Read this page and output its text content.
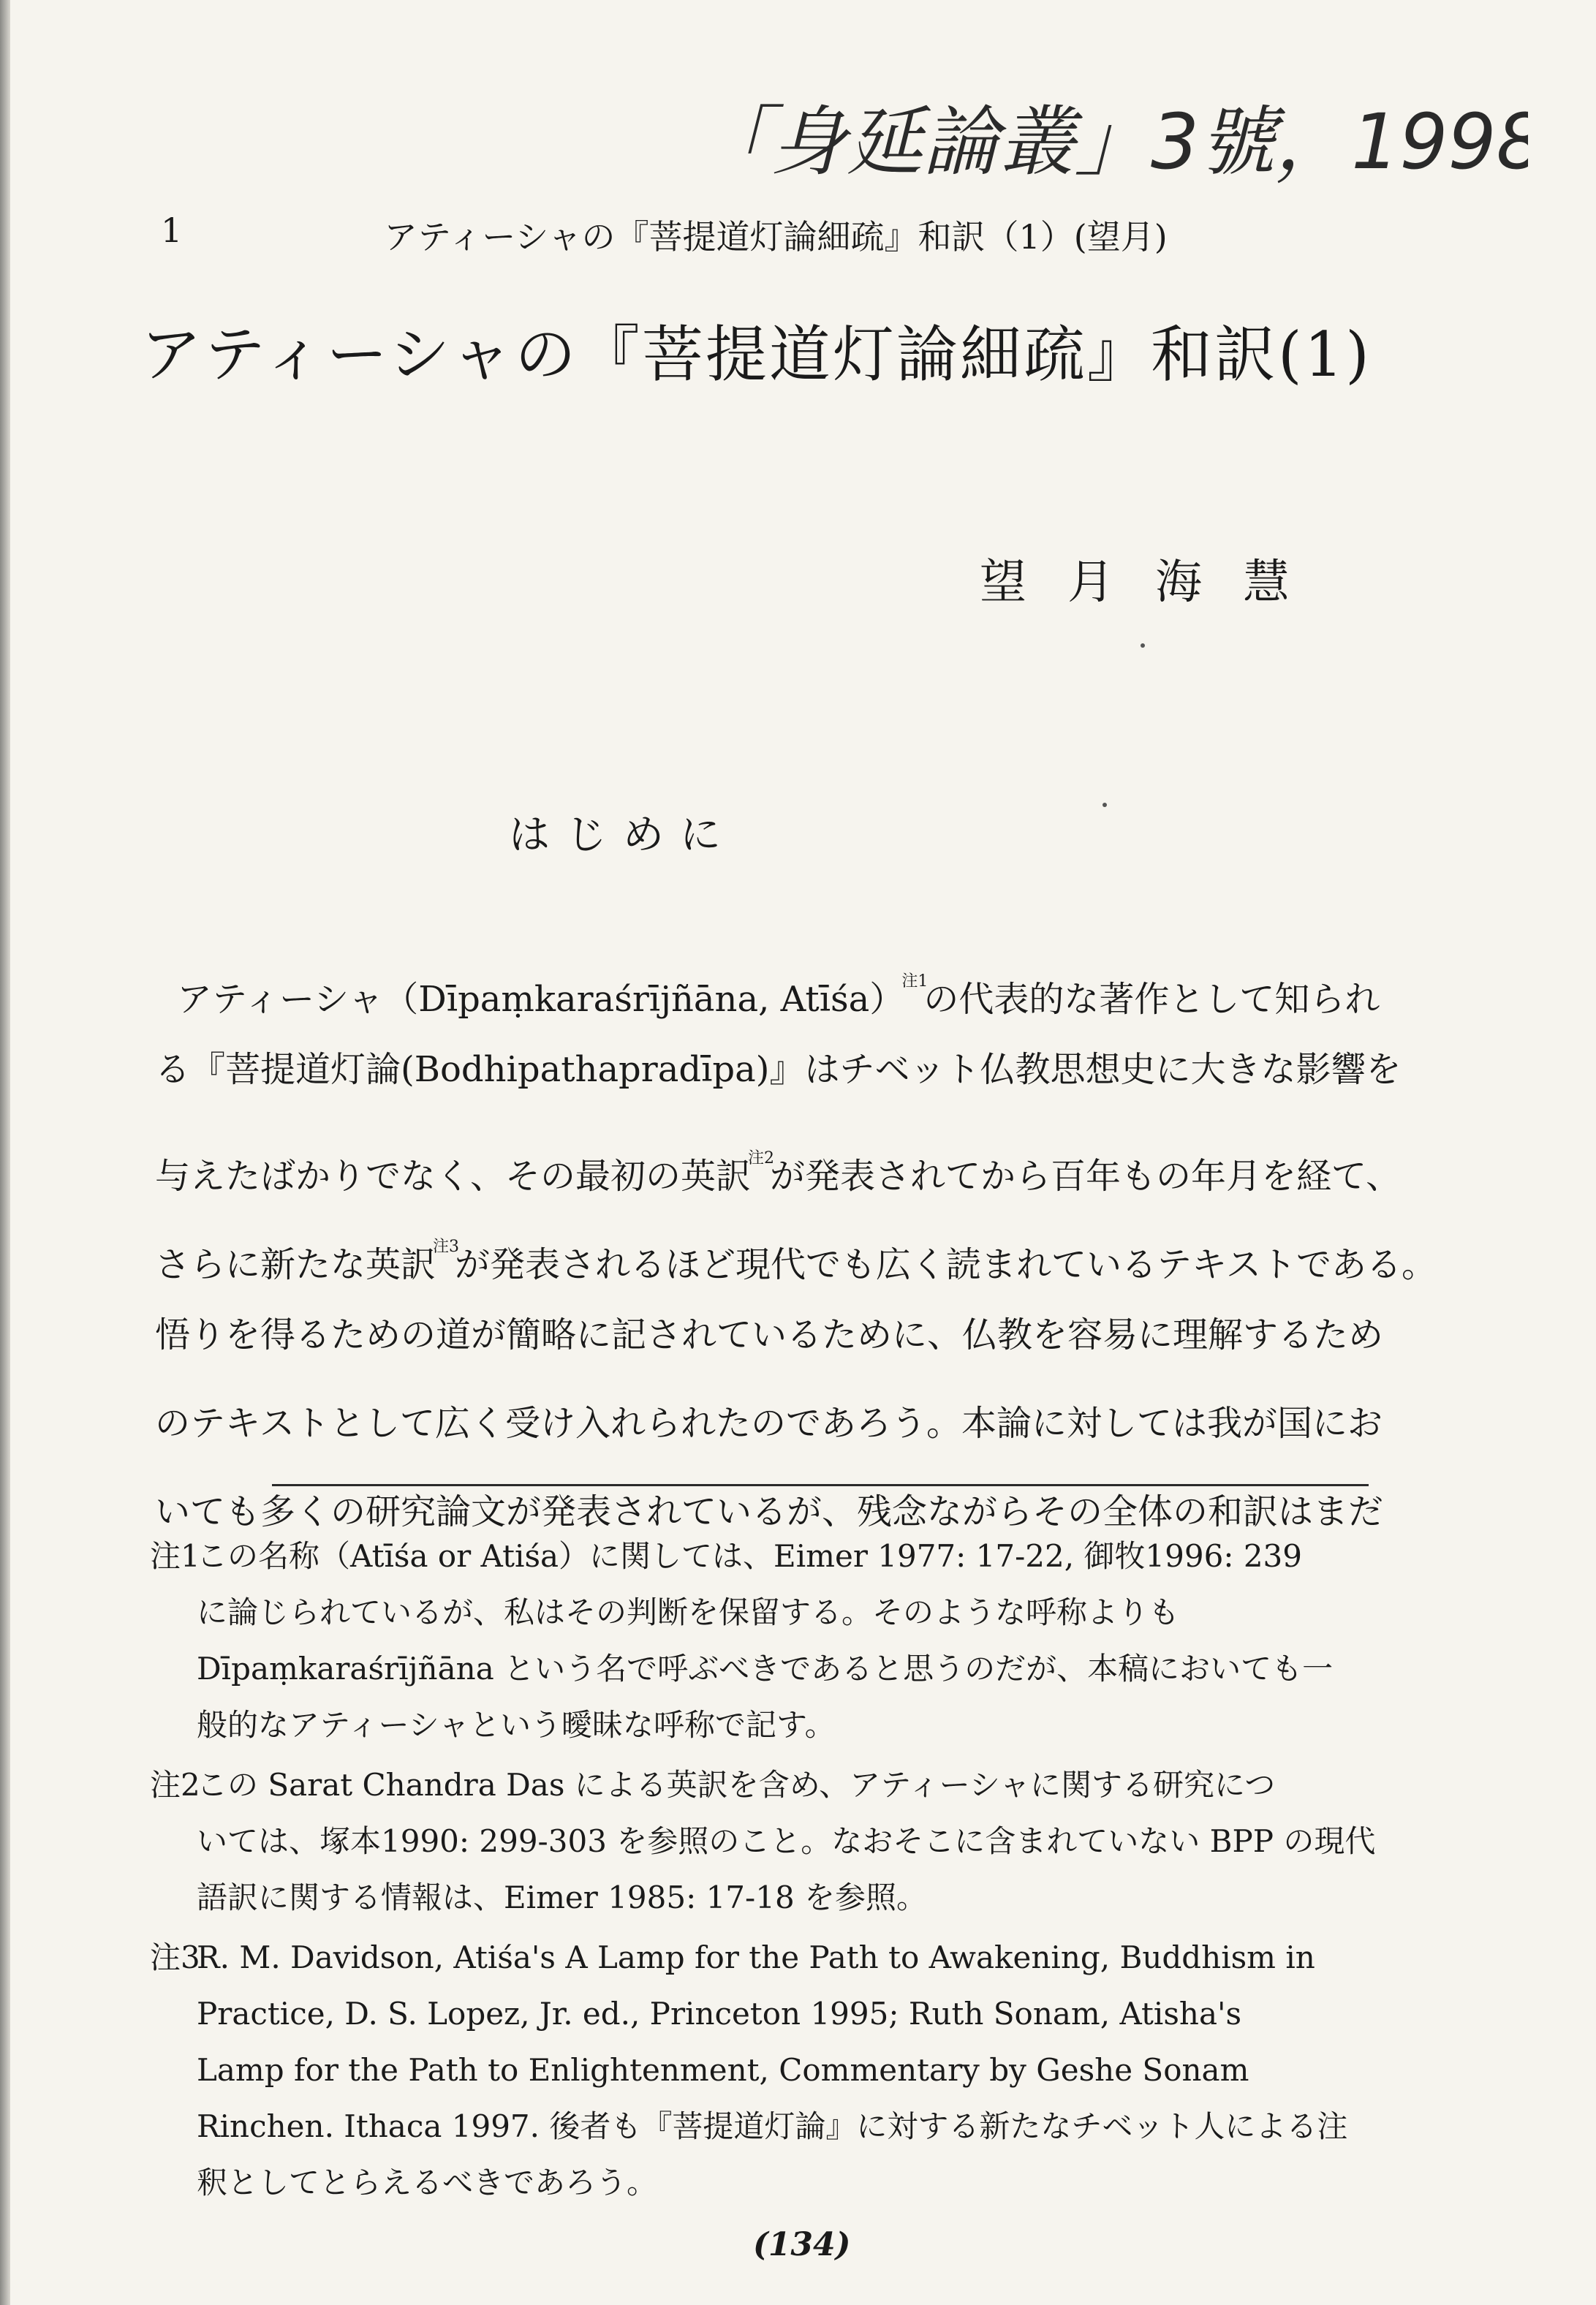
「身延論叢」3號，1998
1	アティーシャの『菩提道灯論細疏』和訳（1）(望月)
アティーシャの『菩提道灯論細疏』和訳(1)
望月海慧
はじめに
アティーシャ（Dīpaṃkaraśrījñāna, Atīśa）$^{注1}$の代表的な著作として知られ
る『菩提道灯論(Bodhipathapradīpa)』はチベット仏教思想史に大きな影響を
与えたばかりでなく、その最初の英訳$^{注2}$が発表されてから百年もの年月を経て、
さらに新たな英訳$^{注3}$が発表されるほど現代でも広く読まれているテキストである。
悟りを得るための道が簡略に記されているために、仏教を容易に理解するため
のテキストとして広く受け入れられたのであろう。本論に対しては我が国にお
いても多くの研究論文が発表されているが、残念ながらその全体の和訳はまだ
注1この名称（Atīśa or Atiśa）に関しては、Eimer 1977: 17-22, 御牧1996: 239
に論じられているが、私はその判断を保留する。そのような呼称よりも
Dīpaṃkaraśrījñāna という名で呼ぶべきであると思うのだが、本稿においても一
般的なアティーシャという曖昧な呼称で記す。
注2この Sarat Chandra Das による英訳を含め、アティーシャに関する研究につ
いては、塚本1990: 299-303 を参照のこと。なおそこに含まれていない BPP の現代
語訳に関する情報は、Eimer 1985: 17-18 を参照。
注3R. M. Davidson, Atiśa's A Lamp for the Path to Awakening, Buddhism in
Practice, D. S. Lopez, Jr. ed., Princeton 1995; Ruth Sonam, Atisha's
Lamp for the Path to Enlightenment, Commentary by Geshe Sonam
Rinchen. Ithaca 1997. 後者も『菩提道灯論』に対する新たなチベット人による注
釈としてとらえるべきであろう。
(134)
